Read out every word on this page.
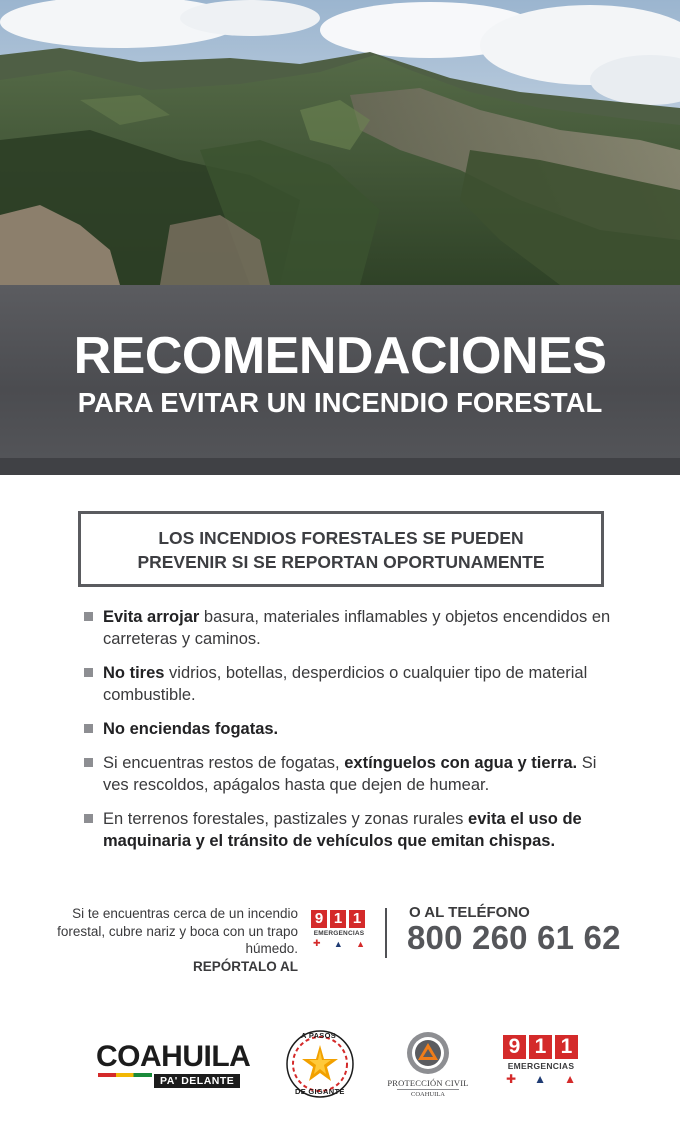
RECOMENDACIONES
PARA EVITAR UN INCENDIO FORESTAL
LOS INCENDIOS FORESTALES SE PUEDEN
PREVENIR SI SE REPORTAN OPORTUNAMENTE
Evita arrojar basura, materiales inflamables y objetos encendidos en carreteras y caminos.
No tires vidrios, botellas, desperdicios o cualquier tipo de material combustible.
No enciendas fogatas.
Si encuentras restos de fogatas, extínguelos con agua y tierra. Si ves rescoldos, apágalos hasta que dejen de humear.
En terrenos forestales, pastizales y zonas rurales evita el uso de maquinaria y el tránsito de vehículos que emitan chispas.
Si te encuentras cerca de un incendio
forestal, cubre nariz y boca con un trapo
húmedo.
REPÓRTALO AL
9 1 1
EMERGENCIAS
✚ ▲ ▲
O AL TELÉFONO
800 260 61 62
COAHUILA
PA' DELANTE
A PASOS
DE GIGANTE
PROTECCIÓN CIVIL
COAHUILA
9 1 1
EMERGENCIAS
✚ ▲ ▲
